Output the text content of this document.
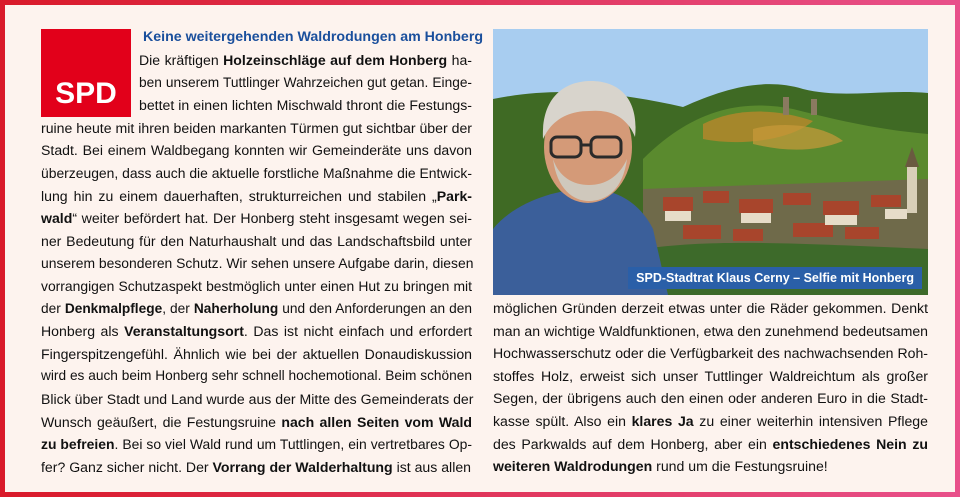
SPD
Keine weitergehenden Waldrodungen am Honberg
Die kräftigen Holzeinschläge auf dem Honberg ha-
ben unserem Tuttlinger Wahrzeichen gut getan. Einge-
bettet in einen lichten Mischwald thront die Festungs-
ruine heute mit ihren beiden markanten Türmen gut sichtbar über der
Stadt. Bei einem Waldbegang konnten wir Gemeinderäte uns davon
überzeugen, dass auch die aktuelle forstliche Maßnahme die Entwick-
lung hin zu einem dauerhaften, strukturreichen und stabilen „Park-
wald“ weiter befördert hat. Der Honberg steht insgesamt wegen sei-
ner Bedeutung für den Naturhaushalt und das Landschaftsbild unter
unserem besonderen Schutz. Wir sehen unsere Aufgabe darin, diesen
vorrangigen Schutzaspekt bestmöglich unter einen Hut zu bringen mit
der Denkmalpflege, der Naherholung und den Anforderungen an den
Honberg als Veranstaltungsort. Das ist nicht einfach und erfordert
Fingerspitzengefühl. Ähnlich wie bei der aktuellen Donaudiskussion
wird es auch beim Honberg sehr schnell hochemotional. Beim schönen
Blick über Stadt und Land wurde aus der Mitte des Gemeinderats der
Wunsch geäußert, die Festungsruine nach allen Seiten vom Wald
zu befreien. Bei so viel Wald rund um Tuttlingen, ein vertretbares Op-
fer? Ganz sicher nicht. Der Vorrang der Walderhaltung ist aus allen
möglichen Gründen derzeit etwas unter die Räder gekommen. Denkt
man an wichtige Waldfunktionen, etwa den zunehmend bedeutsamen
Hochwasserschutz oder die Verfügbarkeit des nachwachsenden Roh-
stoffes Holz, erweist sich unser Tuttlinger Waldreichtum als großer
Segen, der übrigens auch den einen oder anderen Euro in die Stadt-
kasse spült. Also ein klares Ja zu einer weiterhin intensiven Pflege
des Parkwalds auf dem Honberg, aber ein entschiedenes Nein zu
weiteren Waldrodungen rund um die Festungsruine!
SPD-Stadtrat Klaus Cerny – Selfie mit Honberg
